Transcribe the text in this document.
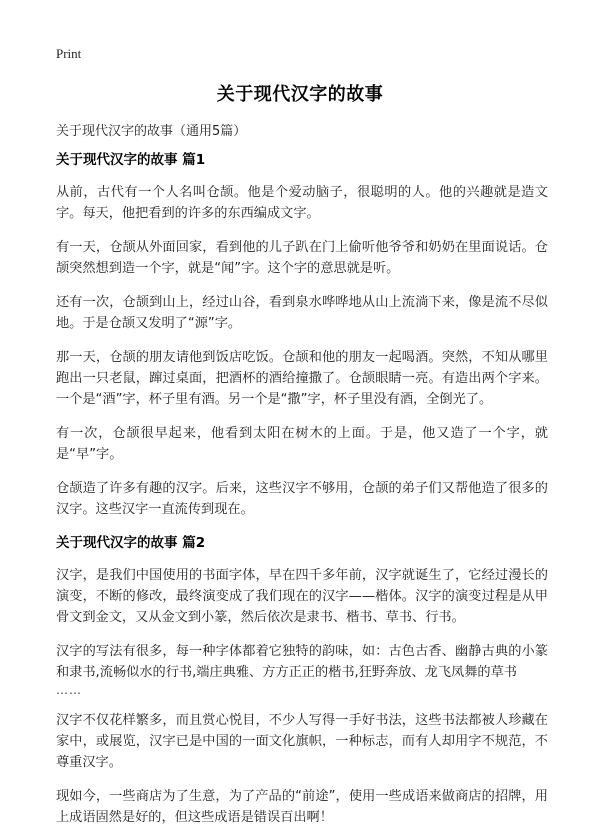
Print
关于现代汉字的故事
关于现代汉字的故事（通用5篇）

关于现代汉字的故事 篇1

从前，古代有一个人名叫仓颉。他是个爱动脑子，很聪明的人。他的兴趣就是造文字。每天，他把看到的许多的东西编成文字。

有一天，仓颉从外面回家，看到他的儿子趴在门上偷听他爷爷和奶奶在里面说话。仓颉突然想到造一个字，就是“闻”字。这个字的意思就是听。

还有一次，仓颉到山上，经过山谷，看到泉水哗哗地从山上流淌下来，像是流不尽似地。于是仓颉又发明了“源”字。

那一天，仓颉的朋友请他到饭店吃饭。仓颉和他的朋友一起喝酒。突然，不知从哪里跑出一只老鼠，蹿过桌面，把酒杯的酒给撞撒了。仓颉眼睛一亮。有造出两个字来。一个是“酒”字，杯子里有酒。另一个是“撒”字，杯子里没有酒，全倒光了。

有一次，仓颉很早起来，他看到太阳在树木的上面。于是，他又造了一个字，就是“早”字。

仓颉造了许多有趣的汉字。后来，这些汉字不够用，仓颉的弟子们又帮他造了很多的汉字。这些汉字一直流传到现在。

关于现代汉字的故事 篇2

汉字，是我们中国使用的书面字体，早在四千多年前，汉字就诞生了，它经过漫长的演变，不断的修改，最终演变成了我们现在的汉字——楷体。汉字的演变过程是从甲骨文到金文，又从金文到小篆，然后依次是隶书、楷书、草书、行书。

汉字的写法有很多，每一种字体都着它独特的韵味，如：古色古香、幽静古典的小篆和隶书,流畅似水的行书,端庄典雅、方方正正的楷书,狂野奔放、龙飞凤舞的草书

……

汉字不仅花样繁多，而且赏心悦目，不少人写得一手好书法，这些书法都被人珍藏在家中，或展览，汉字已是中国的一面文化旗帜，一种标志，而有人却用字不规范，不尊重汉字。

现如今，一些商店为了生意，为了产品的“前途”，使用一些成语来做商店的招牌，用上成语固然是好的，但这些成语是错误百出啊！
